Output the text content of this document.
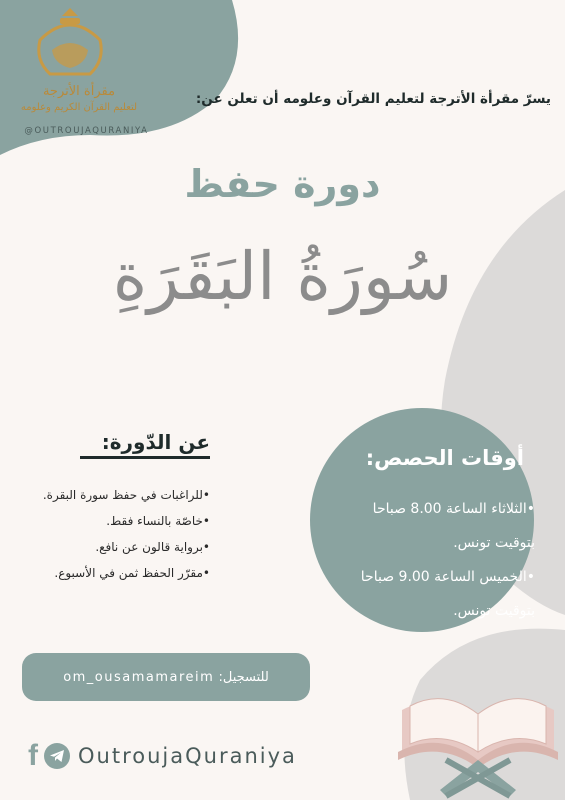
مقرأة الأترجة
لتعليم القرآن الكريم وعلومه
@OUTROUJAQURANIYA
يسرّ مقرأة الأترجة لتعليم القرآن وعلومه أن تعلن عن:
دورة حفظ
سُورَةُ البَقَرَةِ
عن الدّورة:
•للراغبات في حفظ سورة البقرة.
•خاصّة بالنساء فقط.
•برواية قالون عن نافع.
•مقرّر الحفظ ثمن في الأسبوع.
أوقات الحصص:
•الثلاثاء الساعة 8.00 صباحا
بتوقيت تونس.
•الخميس الساعة 9.00 صباحا
بتوقيت تونس.
للتسجيل: om_ousamamareim
f OutroujaQuraniya
